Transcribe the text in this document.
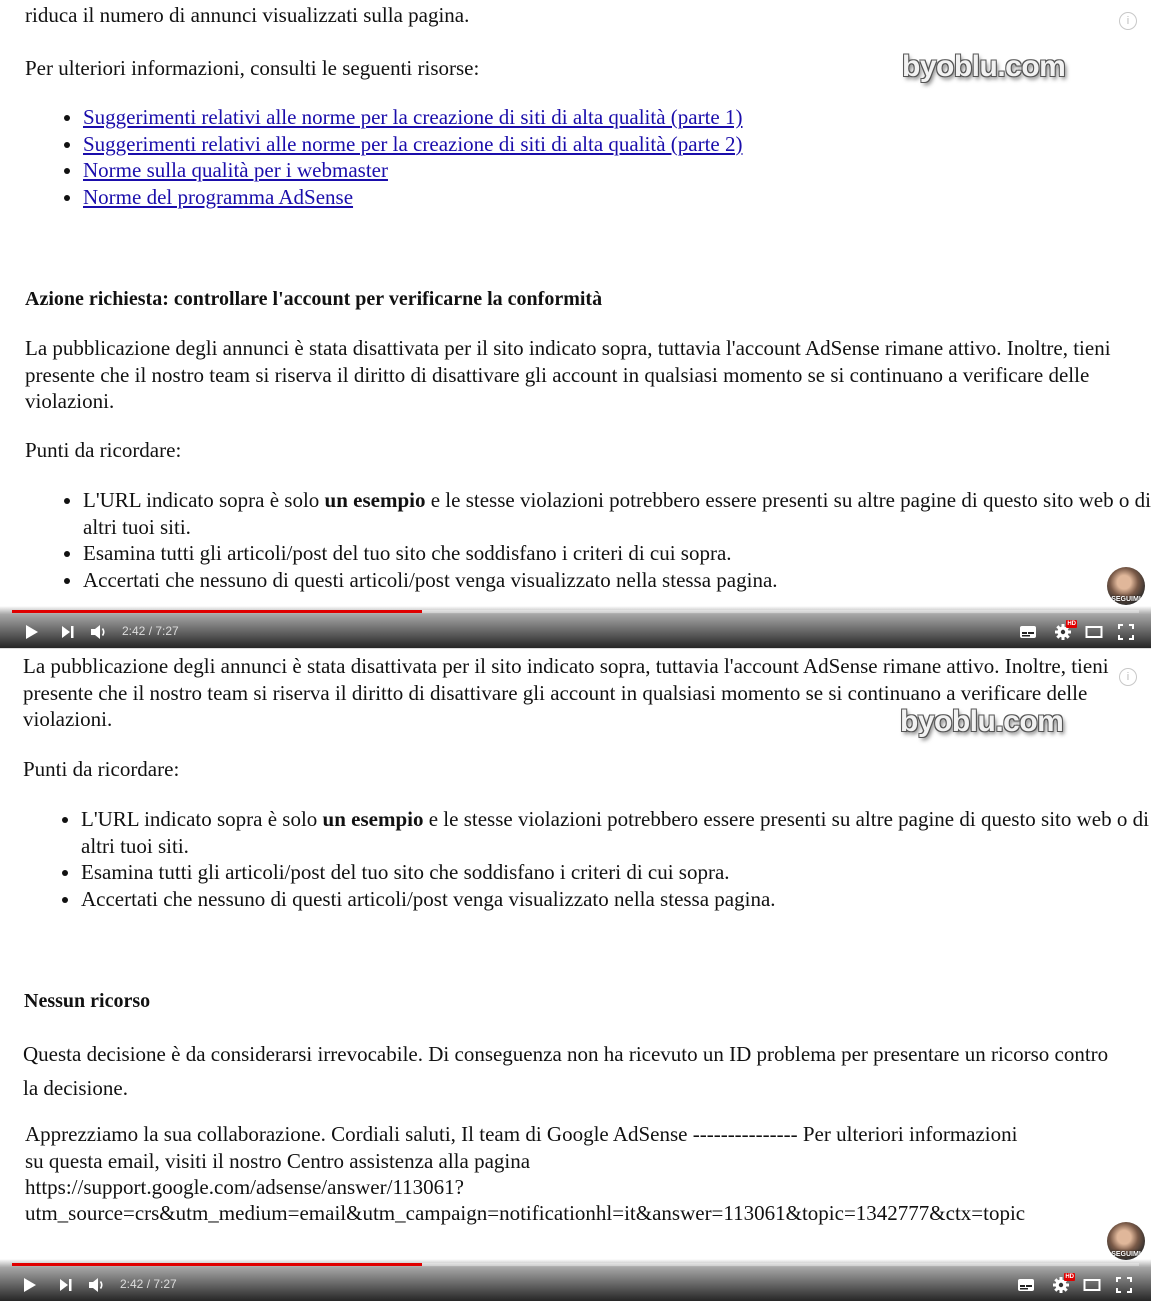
riduca il numero di annunci visualizzati sulla pagina.

Per ulteriori informazioni, consulti le seguenti risorse:

• Suggerimenti relativi alle norme per la creazione di siti di alta qualità (parte 1)
• Suggerimenti relativi alle norme per la creazione di siti di alta qualità (parte 2)
• Norme sulla qualità per i webmaster
• Norme del programma AdSense
Azione richiesta: controllare l'account per verificarne la conformità

La pubblicazione degli annunci è stata disattivata per il sito indicato sopra, tuttavia l'account AdSense rimane attivo. Inoltre, tieni presente che il nostro team si riserva il diritto di disattivare gli account in qualsiasi momento se si continuano a verificare delle violazioni.

Punti da ricordare:

• L'URL indicato sopra è solo un esempio e le stesse violazioni potrebbero essere presenti su altre pagine di questo sito web o di altri tuoi siti.
• Esamina tutti gli articoli/post del tuo sito che soddisfano i criteri di cui sopra.
• Accertati che nessuno di questi articoli/post venga visualizzato nella stessa pagina.
byoblu.com
i
SEGUIMI
2:42 / 7:27	HD

La pubblicazione degli annunci è stata disattivata per il sito indicato sopra, tuttavia l'account AdSense rimane attivo. Inoltre, tieni presente che il nostro team si riserva il diritto di disattivare gli account in qualsiasi momento se si continuano a verificare delle violazioni.

Punti da ricordare:

• L'URL indicato sopra è solo un esempio e le stesse violazioni potrebbero essere presenti su altre pagine di questo sito web o di altri tuoi siti.
• Esamina tutti gli articoli/post del tuo sito che soddisfano i criteri di cui sopra.
• Accertati che nessuno di questi articoli/post venga visualizzato nella stessa pagina.
Nessun ricorso

Questa decisione è da considerarsi irrevocabile. Di conseguenza non ha ricevuto un ID problema per presentare un ricorso contro la decisione.

Apprezziamo la sua collaborazione. Cordiali saluti, Il team di Google AdSense --------------- Per ulteriori informazioni su questa email, visiti il nostro Centro assistenza alla pagina

https://support.google.com/adsense/answer/113061?

utm_source=crs&utm_medium=email&utm_campaign=notificationhl=it&answer=113061&topic=1342777&ctx=topic

byoblu.com
i
SEGUIMI
2:42 / 7:27	HD
